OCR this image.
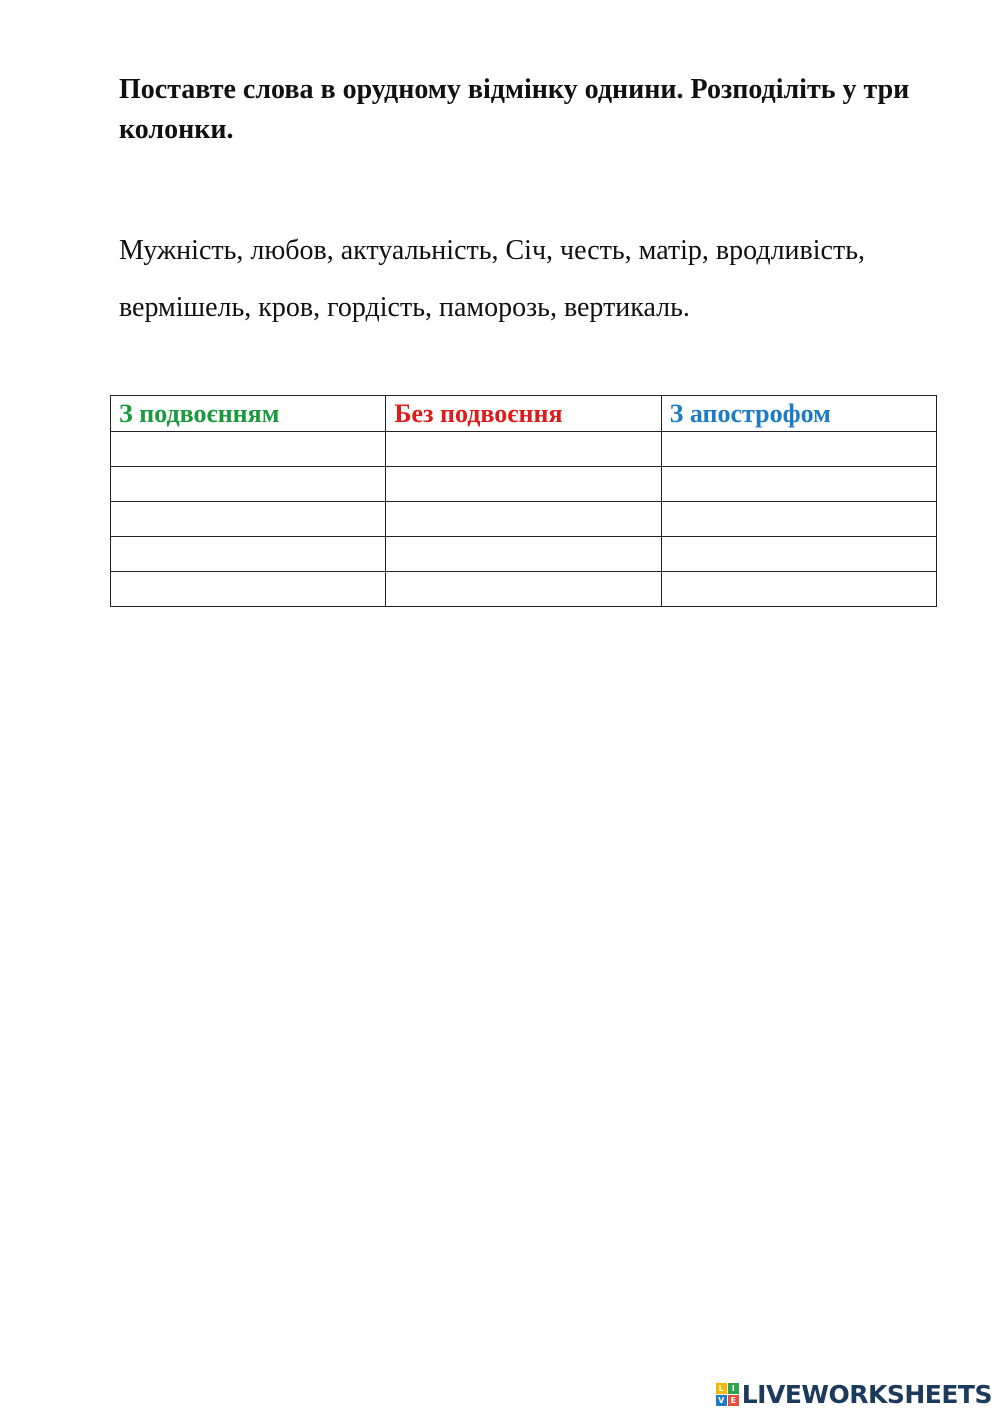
Поставте слова в орудному відмінку однини. Розподіліть у три колонки.

Мужність, любов, актуальність, Січ, честь, матір, вродливість,
вермішель, кров, гордість, паморозь, вертикаль.

З подвоєнням	Без подвоєння	З апострофом

L I
V E LIVEWORKSHEETS
